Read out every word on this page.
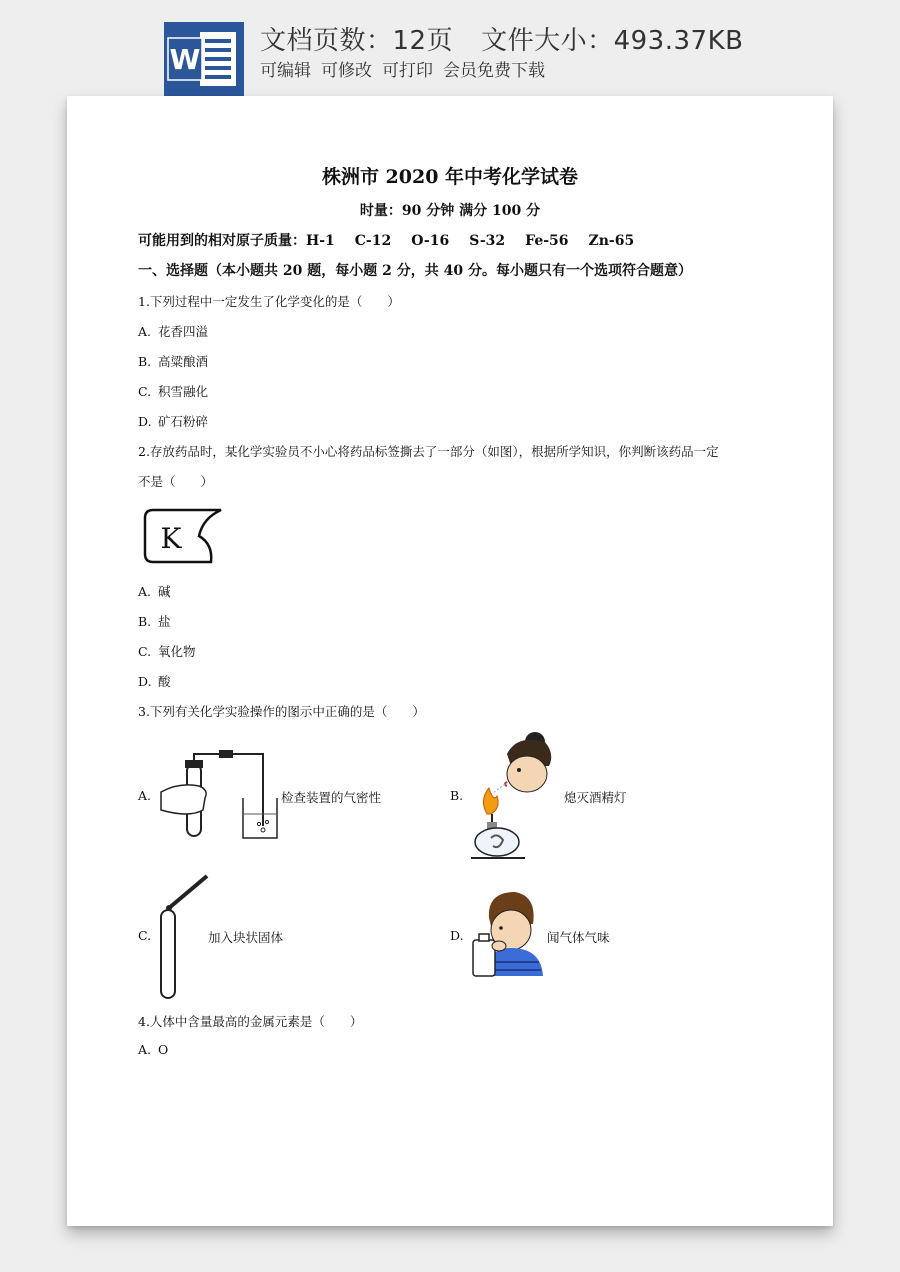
W
文档页数：12页 文件大小：493.37KB
可编辑 可修改 可打印 会员免费下载
株洲市 2020 年中考化学试卷
时量：90 分钟 满分 100 分
可能用到的相对原子质量：H-1 C-12 O-16 S-32 Fe-56 Zn-65
一、选择题（本小题共 20 题，每小题 2 分，共 40 分。每小题只有一个选项符合题意）
1.下列过程中一定发生了化学变化的是（　　）
A. 花香四溢
B. 高粱酿酒
C. 积雪融化
D. 矿石粉碎
2.存放药品时，某化学实验员不小心将药品标签撕去了一部分（如图），根据所学知识，你判断该药品一定
不是（　　）
K
A. 碱
B. 盐
C. 氧化物
D. 酸
3.下列有关化学实验操作的图示中正确的是（　　）
A.	检查装置的气密性	B.	熄灭酒精灯
C.	加入块状固体	D.	闻气体气味
4.人体中含量最高的金属元素是（　　）
A. O
